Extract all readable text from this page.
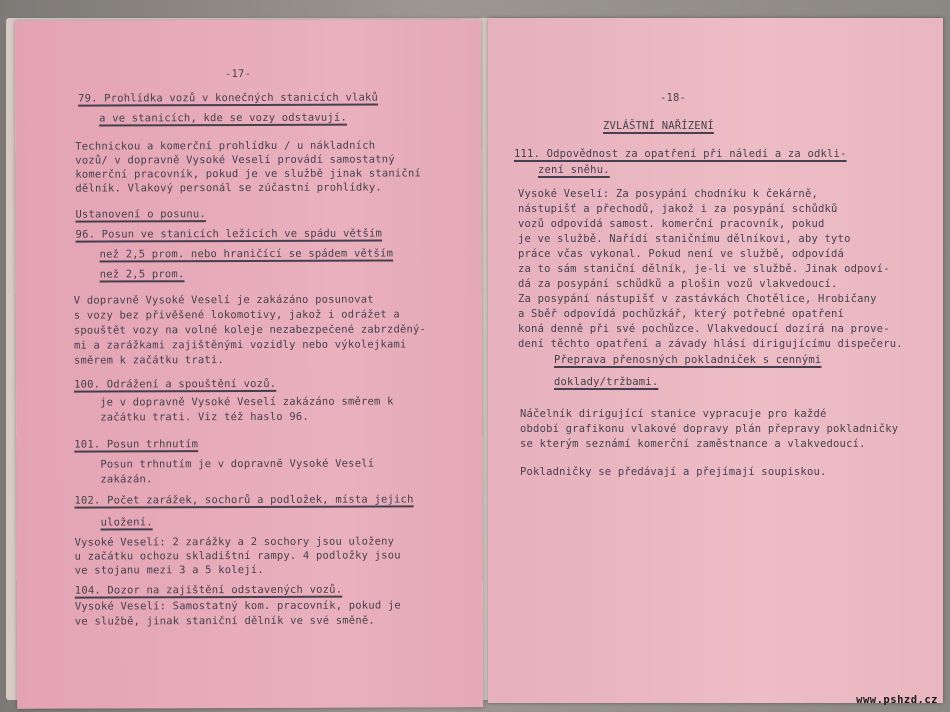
-17-
79. Prohlídka vozů v konečných stanicích vlaků
a ve stanicích, kde se vozy odstavují.
Technickou a komerční prohlídku / u nákladních
vozů/ v dopravně Vysoké Veselí provádí samostatný
komerční pracovník, pokud je ve službě jinak staniční
dělník. Vlakový personál se zúčastní prohlídky.
Ustanovení o posunu.
96. Posun ve stanicích ležících ve spádu větším
než 2,5 prom. nebo hraničící se spádem větším
než 2,5 prom.
V dopravně Vysoké Veselí je zakázáno posunovat
s vozy bez přivěšené lokomotivy, jakož i odrážet a
spouštět vozy na volné koleje nezabezpečené zabrzděný-
mi a zarážkami zajištěnými vozidly nebo výkolejkami
směrem k začátku trati.
100. Odrážení a spouštění vozů.
je v dopravně Vysoké Veselí zakázáno směrem k
začátku trati. Viz též haslo 96.
101. Posun trhnutím
Posun trhnutím je v dopravně Vysoké Veselí
zakázán.
102. Počet zarážek, sochorů a podložek, místa jejich
uložení.
Vysoké Veselí: 2 zarážky a 2 sochory jsou uloženy
u začátku ochozu skladištní rampy. 4 podložky jsou
ve stojanu mezi 3 a 5 kolejí.
104. Dozor na zajištění odstavených vozů.
Vysoké Veselí: Samostatný kom. pracovník, pokud je
ve službě, jinak staniční dělník ve své směně.
-18-
ZVLÁŠTNÍ NAŘÍZENÍ
111. Odpovědnost za opatření při náledí a za odkli-
zení sněhu.
Vysoké Veselí: Za posypání chodníku k čekárně,
nástupišť a přechodů, jakož i za posypání schůdků
vozů odpovídá samost. komerční pracovník, pokud
je ve službě. Nařídí staničnímu dělníkovi, aby tyto
práce včas vykonal. Pokud není ve službě, odpovídá
za to sám staniční dělník, je-li ve službě. Jinak odpoví-
dá za posypání schůdků a plošin vozů vlakvedoucí.
Za posypání nástupišť v zastávkách Chotělice, Hrobičany
a Sběř odpovídá pochůzkář, který potřebné opatření
koná denně při své pochůzce. Vlakvedoucí dozírá na prove-
dení těchto opatření a závady hlásí dirigujícímu dispečeru.
Přeprava přenosných pokladniček s cennými
doklady/tržbami.
Náčelník dirigující stanice vypracuje pro každé
období grafikonu vlakové dopravy plán přepravy pokladničky
se kterým seznámí komerční zaměstnance a vlakvedoucí.
Pokladničky se předávají a přejímají soupiskou.
www.pshzd.cz
